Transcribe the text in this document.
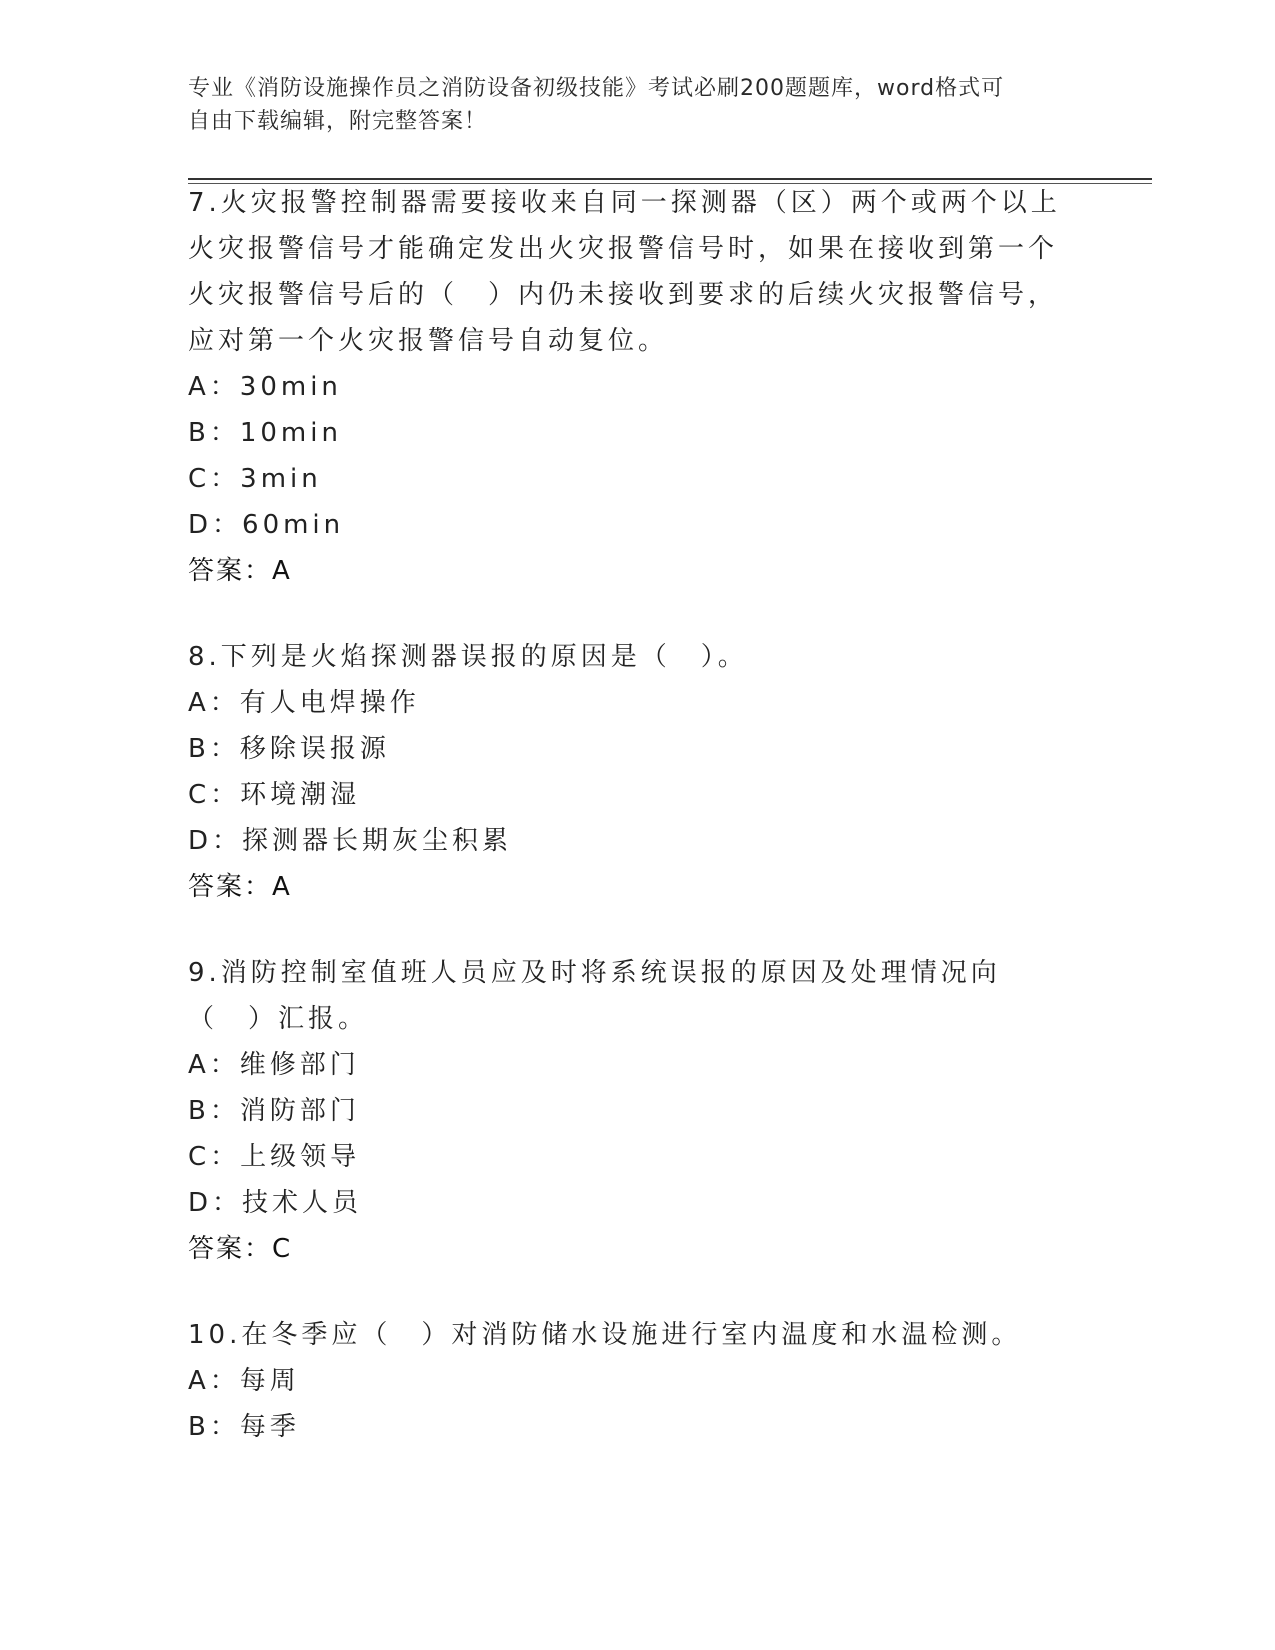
专业《消防设施操作员之消防设备初级技能》考试必刷200题题库，word格式可
自由下载编辑，附完整答案！

7.火灾报警控制器需要接收来自同一探测器（区）两个或两个以上火灾报警信号才能确定发出火灾报警信号时，如果在接收到第一个火灾报警信号后的（　）内仍未接收到要求的后续火灾报警信号，应对第一个火灾报警信号自动复位。

A：30min

B：10min

C：3min

D：60min

答案：A

8.下列是火焰探测器误报的原因是（　）。

A：有人电焊操作

B：移除误报源

C：环境潮湿

D：探测器长期灰尘积累

答案：A

9.消防控制室值班人员应及时将系统误报的原因及处理情况向（　）汇报。

A：维修部门

B：消防部门

C：上级领导

D：技术人员

答案：C

10.在冬季应（　）对消防储水设施进行室内温度和水温检测。

A：每周

B：每季
